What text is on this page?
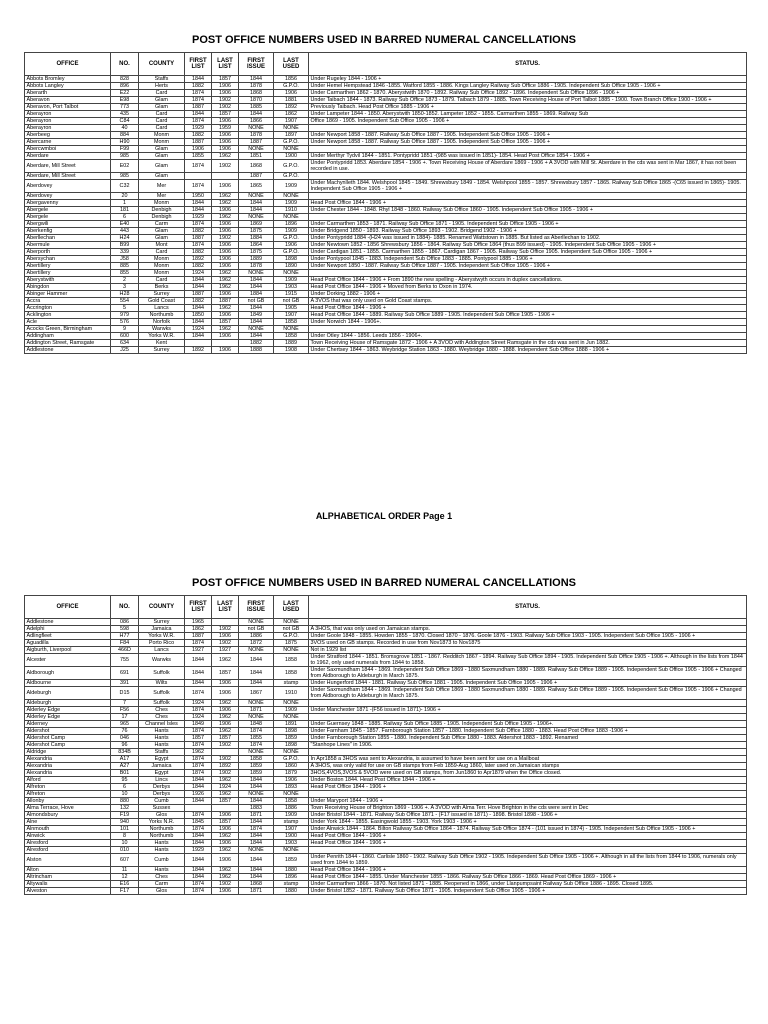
POST OFFICE NUMBERS USED IN BARRED NUMERAL CANCELLATIONS
OFFICE	NO.	COUNTY	FIRST LIST	LAST LIST	FIRST ISSUE	LAST USED	STATUS.
Abbots Bromley	828	Staffs	1844	1857	1844	1856	Under Rugeley 1844 - 1906 +
Abbots Langley	896	Herts	1882	1906	1878	G.P.O.	Under Hemel Hempstead 1846 -1855. Watford 1855 - 1886. Kings Langley Railway Sub Office 1886 - 1905. Independent Sub Office 1905 - 1906 +
Aberarth	E22	Card	1874	1906	1868	1906	Under Carmarthen 1862 - 1870. Aberystwith 1870 - 1892. Railway Sub Office 1892 - 1896. Independent Sub Office 1896 - 1906 +
Aberavon	E98	Glam	1874	1902	1870	1881	Under Taibach 1844 - 1873. Railway Sub Office 1873 - 1879. Taibach 1879 - 1885. Town Receiving House of Port Talbot 1885 - 1900. Town Branch Office 1900 - 1906 +
Aberavon, Port Talbot	773	Glam	1887	1902	1885	1892	Previously Taibach. Head Post Office 1885 - 1906 +
Aberayron	435	Card	1844	1857	1844	1862	Under Lampeter 1844 - 1850. Aberystwith 1850-1852. Lampeter 1852 - 1855. Carmarthen 1855 - 1869. Railway Sub
Aberayron	C84	Card	1874	1906	1866	1907	Office 1869 - 1905. Independent Sub Office 1905 - 1906 +
Aberayron	40	Card	1929	1959	NONE	NONE	
Aberbeeg	884	Monm	1882	1906	1878	1897	Under Newport 1858 - 1887. Railway Sub Office 1887 - 1905. Independent Sub Office 1905 - 1906 +
Abercarne	H90	Monm	1887	1906	1887	G.P.O.	Under Newport 1858 - 1887. Railway Sub Office 1887 - 1905. Independent Sub Office 1905 - 1906 +
Abercwmboi	F99	Glam	1906	1906	NONE	NONE	
Aberdare	985	Glam	1855	1962	1851	1900	Under Merthyr Tydvil 1844 - 1851. Pontypridd 1851 -(985 was issued in 1851)- 1854. Head Post Office 1854 - 1906 +
Aberdare, Mill Street	E02	Glam	1874	1902	1868	G.P.O.	Under Pontypridd 1853. Aberdare 1854 - 1906 +. Town Receiving House of Aberdare 1869 - 1906 + A 3VOD with Mill St. Aberdare in the cds was sent in Mar 1867, it has not been recorded in use.
Aberdare, Mill Street	985	Glam			1887	G.P.O.	
Aberdovey	C32	Mer	1874	1906	1865	1909	Under Machynlleth 1844. Welshpool 1845 - 1849. Shrewsbury 1849 - 1854. Welshpool 1855 - 1857. Shrewsbury 1857 - 1865. Railway Sub Office 1865 -(C65 issued in 1865)- 1905. Independent Sub Office 1905 - 1906 +
Aberdovey	20	Mer	1950	1962	NONE	NONE	
Abergavenny	1	Monm	1844	1962	1844	1909	Head Post Office 1844 - 1906 +
Abergele	181	Denbigh	1844	1906	1844	1910	Under Chester 1844 - 1848. Rhyl 1848 - 1860. Railway Sub Office 1860 - 1905. Independent Sub Office 1905 - 1906 +
Abergele	6	Denbigh	1929	1962	NONE	NONE	
Abergwili	E40	Carm	1874	1906	1869	1896	Under Carmarthen 1853 - 1871. Railway Sub Office 1871 - 1905. Independent Sub Office 1905 - 1906 +
Aberkenfig	443	Glam	1882	1906	1875	1909	Under Bridgend 1850 - 1893. Railway Sub Office 1893 - 1902. Bridgend 1902 - 1906 +
Aberllechan	H24	Glam	1887	1902	1884	G.P.O.	Under Pontypridd 1884 -(H24 was issued in 1884)- 1885. Renamed Wattstown in 1885. But listed as Aberllechan to 1902.
Abermule	B99	Mont	1874	1906	1864	1906	Under Newtown 1852 - 1856 Shrewsbury 1856 - 1864. Railway Sub Office 1864 (thus B99 issued) - 1905. Independent Sub Office 1905 - 1906 +
Aberporth	339	Card	1882	1906	1875	G.P.O.	Under Cardigan 1851 - 1855. Carmarthen 1855 - 1867. Cardigan 1867 - 1905. Railway Sub Office 1905. Independent Sub Office 1905 - 1906 +
Abersychan	J58	Monm	1892	1906	1889	1898	Under Pontypool 1845 - 1883. Independent Sub Office 1883 - 1885. Pontypool 1885 - 1906 +
Abertillery	885	Monm	1882	1906	1878	1890	Under Newport 1850 - 1887. Railway Sub Office 1887 - 1905. Independent Sub Office 1905 - 1906 +
Abertillery	855	Monm	1924	1962	NONE	NONE	
Aberystwith	2	Card	1844	1962	1844	1909	Head Post Office 1844 - 1906 + From 1890 the new spelling - Aberystwyth occurs in duplex cancellations.
Abingdon	3	Berks	1844	1962	1844	1903	Head Post Office 1844 - 1906 + Moved from Berks to Oxon in 1974.
Abinger Hammer	H28	Surrey	1887	1906	1884	1915	Under Dorking 1882 - 1906 +
Accra	554	Gold Coast	1882	1887	not GB	not GB	A 3VOS that was only used on Gold Coast stamps.
Accrington	5	Lancs	1844	1962	1844	1905	Head Post Office 1844 - 1906 +
Acklington	979	Northumb	1850	1906	1849	1907	Head Post Office 1844 - 1889. Railway Sub Office 1889 - 1905. Independent Sub Office 1905 - 1906 +
Acle	576	Norfolk	1844	1857	1844	1858	Under Norwich 1844 - 1906+.
Acocks Green, Birmingham	9	Warwks	1924	1962	NONE	NONE	
Addingham	600	Yorks W.R.	1844	1906	1844	1858	Under Otley 1844 - 1856. Leeds 1856 - 1906+.
Addington Street, Ramsgate	634	Kent			1882	1889	Town Receiving House of Ramsgate 1872 - 1906 + A 3VOD with Addington Street Ramsgate in the cds was sent in Jun 1882.
Addlestone	J25	Surrey	1892	1906	1888	1908	Under Chertsey 1844 - 1863. Weybridge Station 1863 - 1880. Weybridge 1880 - 1888. Independent Sub Office 1888 - 1906 +
ALPHABETICAL ORDER Page 1
POST OFFICE NUMBERS USED IN BARRED NUMERAL CANCELLATIONS
OFFICE	NO.	COUNTY	FIRST LIST	LAST LIST	FIRST ISSUE	LAST USED	STATUS.
Addlestone	086	Surrey	1965		NONE	NONE	
Adelphi	598	Jamaica	1862	1902	not GB	not GB	A 3HOS, that was only used on Jamaican stamps.
Adlingfleet	H77	Yorks W.R.	1887	1906	1886	G.P.O.	Under Goole 1848 - 1855. Howden 1855 - 1870. Closed 1870 - 1876. Goole 1876 - 1903. Railway Sub Office 1903 - 1905. Independent Sub Office 1905 - 1906 +
Aguadilla	F84	Porto Rico	1874	1902	1872	1875	3VOS used on GB stamps. Recorded in use from Nov1873 to Nov1875
Aigburth, Liverpool	466D	Lancs	1927	1927	NONE	NONE	Not in 1929 list
Alcester	755	Warwks	1844	1962	1844	1858	Under Stratford 1844 - 1851. Bromsgrove 1851 - 1867. Redditch 1867 - 1894. Railway Sub Office 1894 - 1905. Independent Sub Office 1905 - 1906 +. Although in the lists from 1844 to 1962, only used numerals from 1844 to 1858.
Aldborough	691	Suffolk	1844	1857	1844	1858	Under Saxmundham 1844 - 1869. Independent Sub Office 1869 - 1880 Saxmundham 1880 - 1889. Railway Sub Office 1889 - 1905. Independent Sub Office 1905 - 1906 + Changed from Aldborough to Aldeburgh in March 1875.
Aldbourne	391	Wilts	1844	1906	1844	stamp	Under Hungerford 1844 - 1881. Railway Sub Office 1881 - 1905. Independent Sub Office 1905 - 1906 +
Aldeburgh	D15	Suffolk	1874	1906	1867	1910	Under Saxmundham 1844 - 1869. Independent Sub Office 1869 - 1880 Saxmundham 1880 - 1889. Railway Sub Office 1889 - 1905. Independent Sub Office 1905 - 1906 + Changed from Aldborough to Aldeburgh in March 1875.
Aldeburgh	7	Suffolk	1924	1962	NONE	NONE	
Alderley Edge	F56	Ches	1874	1906	1871	1909	Under Manchester 1871 -(F56 issued in 1871)- 1906 +
Alderley Edge	17	Ches	1924	1962	NONE	NONE	
Alderney	965	Channel Isles	1849	1906	1848	1891	Under Guernsey 1848 - 1885. Railway Sub Office 1885 - 1905. Independent Sub Office 1905 - 1906+.
Aldershot	76	Hants	1874	1962	1874	1898	Under Farnham 1845 - 1857. Farnborough Station 1857 - 1880. Independent Sub Office 1880 - 1883. Head Post Office 1883 -1906 +
Aldershot Camp	046	Hants	1857	1857	1855	1859	Under Farnborough Station 1855 - 1880. Independent Sub Office 1880 - 1883. Aldershot 1883 - 1892. Renamed
Aldershot Camp	96	Hants	1874	1902	1874	1898	"Stanhope Lines" in 1906.
Aldridge	834B	Staffs	1962		NONE	NONE	
Alexandria	A17	Egypt	1874	1902	1858	G.P.O.	In Apr1858 a 3HOS was sent to Alexandria, is assumed to have been sent for use on a Mailboat
Alexandria	A27	Jamaica	1874	1892	1859	1860	A 3HOS, was only valid for use on GB stamps from Feb 1859-Aug 1860, later used on Jamaican stamps
Alexandria	B01	Egypt	1874	1902	1859	1879	3HOS,4VOS,3VOS & 5VOD were used on GB stamps, from Jun1860 to Apr1879 when the Office closed.
Alford	95	Lincs	1844	1962	1844	1906	Under Boston 1844. Head Post Office 1844 - 1906 +
Alfreton	6	Derbys	1844	1924	1844	1893	Head Post Office 1844 - 1906 +
Alfreton	10	Derbys	1926	1962	NONE	NONE	
Allonby	880	Cumb	1844	1857	1844	1858	Under Maryport 1844 - 1906 +
Alma Terrace, Hove	132	Sussex			1883	1886	Town Receiving House of Brighton 1869 - 1906 +. A 3VOD with Alma Terr. Hove Brighton in the cds were sent in Dec
Almondsbury	F19	Glos	1874	1906	1871	1909	Under Bristol 1844 - 1871. Railway Sub Office 1871 - (F17 issued in 1871) - 1898. Bristol 1898 - 1906 +
Alne	940	Yorks N.R.	1845	1857	1844	stamp	Under York 1844 - 1855. Easingwold 1855 - 1903. York 1903 - 1906 +
Alnmouth	101	Northumb	1874	1906	1874	1907	Under Alnwick 1844 - 1864. Bilton Railway Sub Office 1864 - 1874. Railway Sub Office 1874 - (101 issued in 1874) - 1905. Independent Sub Office 1905 - 1906 +
Alnwick	8	Northumb	1844	1962	1844	1900	Head Post Office 1844 - 1906 +
Alresford	10	Hants	1844	1906	1844	1903	Head Post Office 1844 - 1906 +
Alresford	010	Hants	1929	1962	NONE	NONE	
Alston	607	Cumb	1844	1906	1844	1859	Under Penrith 1844 - 1860. Carlisle 1860 - 1902. Railway Sub Office 1902 - 1905. Independent Sub Office 1905 - 1906 +. Although in all the lists from 1844 to 1906, numerals only used from 1844 to 1859.
Alton	11	Hants	1844	1962	1844	1880	Head Post Office 1844 - 1906 +
Altrincham	12	Ches	1844	1962	1844	1896	Head Post Office 1844 - 1855. Under Manchester 1855 - 1866. Railway Sub Office 1866 - 1869. Head Post Office 1869 - 1906 +
Altywalis	E16	Carm	1874	1902	1868	stamp	Under Carmarthen 1866 - 1870. Not listed 1871 - 1885. Reopened in 1866, under Llanpumpsaint Railway Sub Office 1886 - 1895. Closed 1895.
Alveston	F17	Glos	1874	1906	1871	1880	Under Bristol 1852 - 1871. Railway Sub Office 1871 - 1905. Independent Sub Office 1905 - 1906 +
